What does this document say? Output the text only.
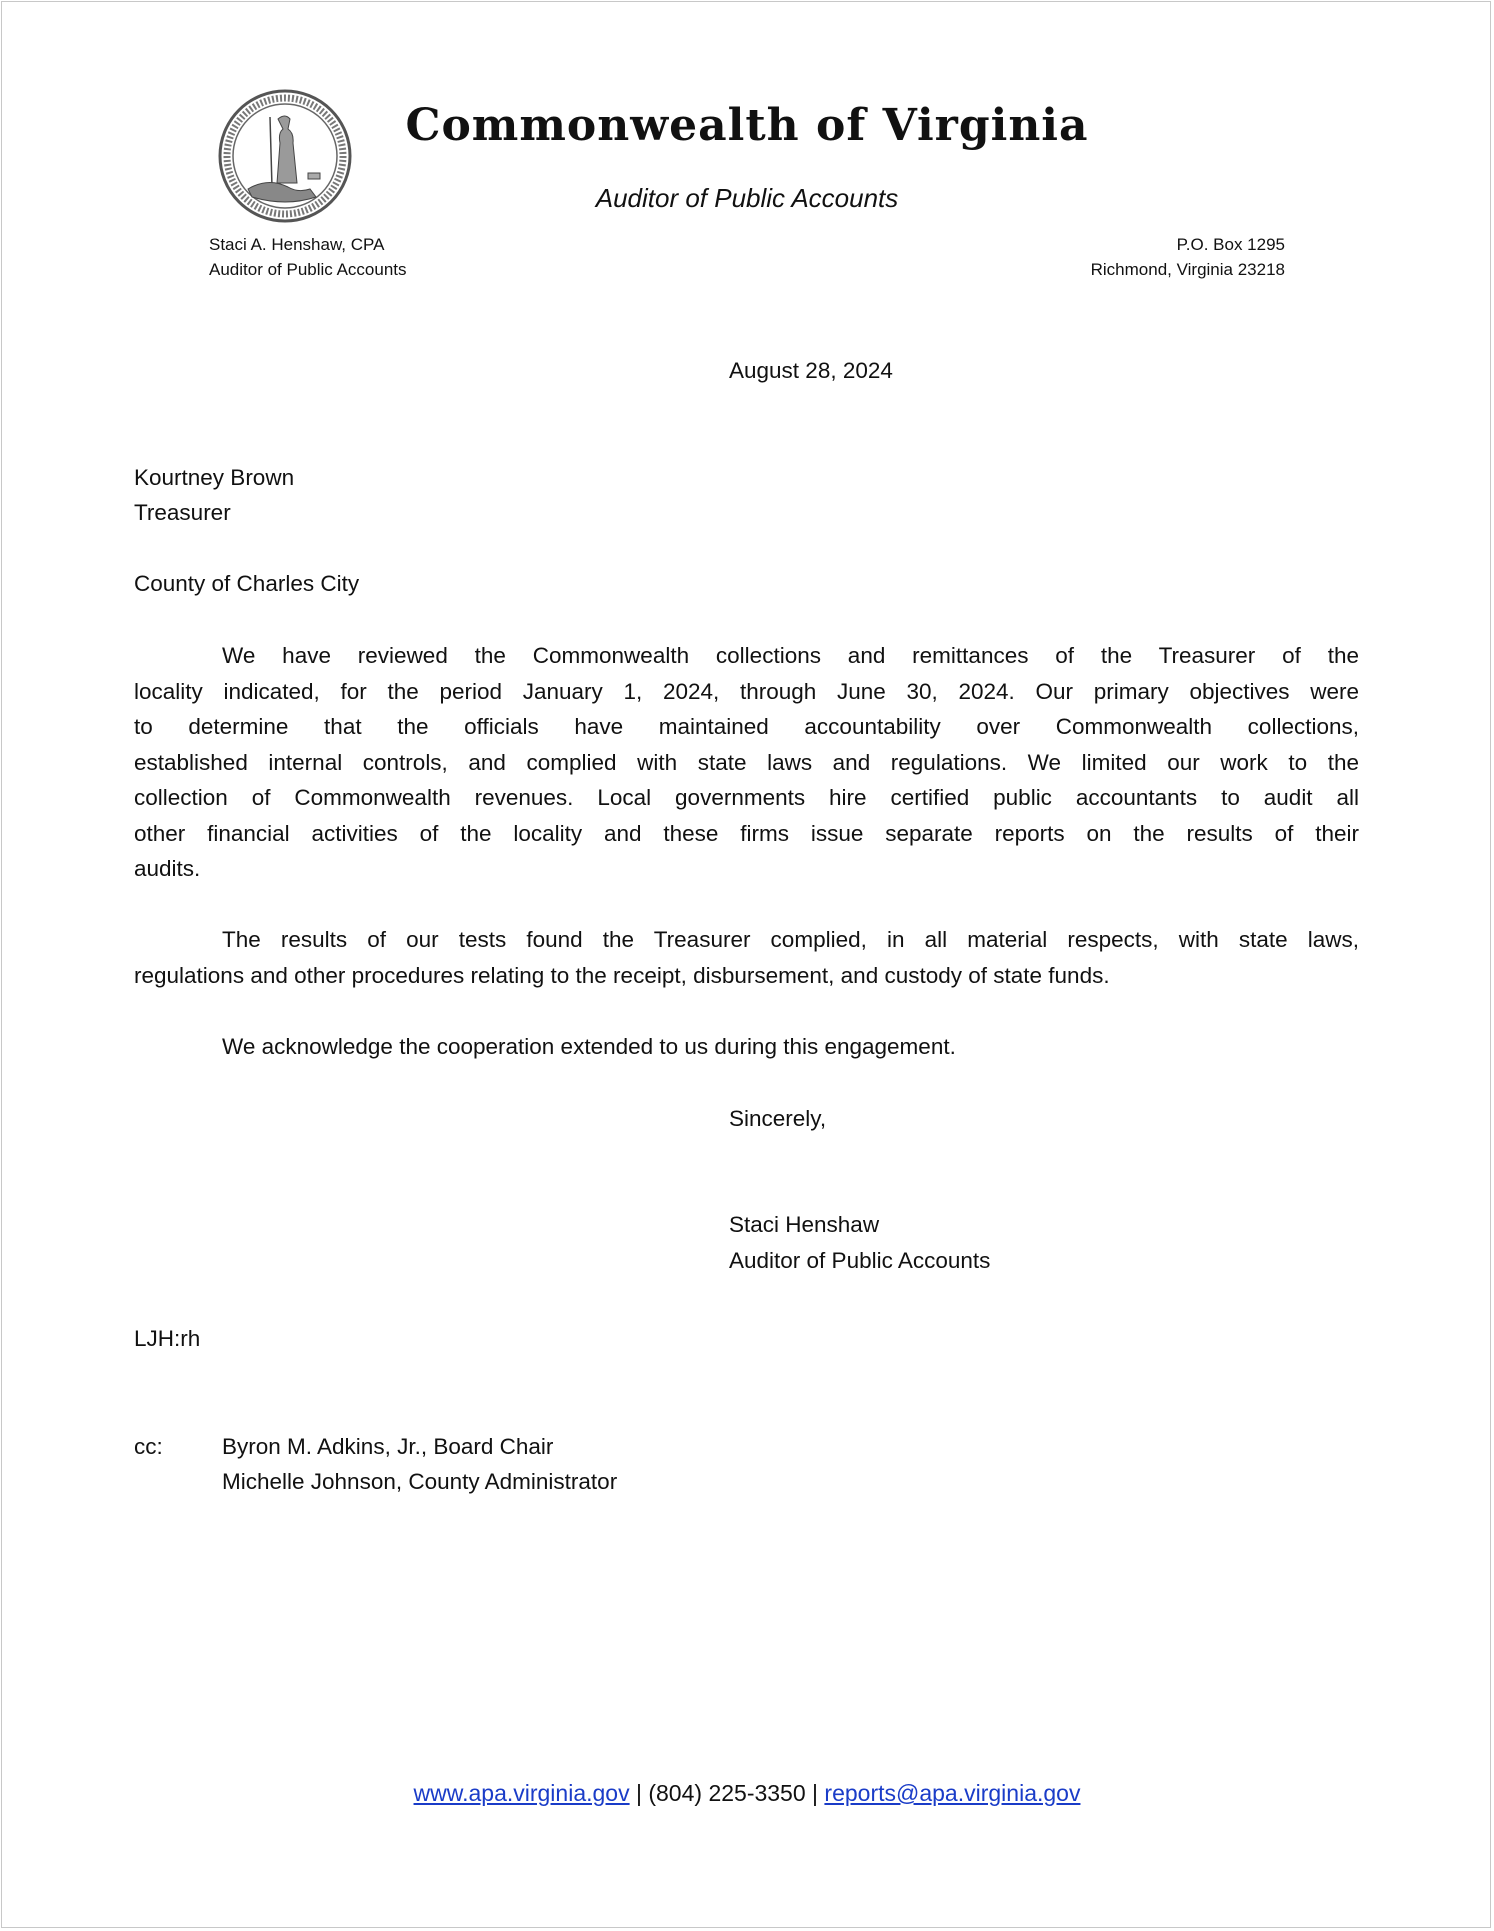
Commonwealth of Virginia
Auditor of Public Accounts
Staci A. Henshaw, CPA
Auditor of Public Accounts
P.O. Box 1295
Richmond, Virginia 23218
August 28, 2024
Kourtney Brown
Treasurer
County of Charles City
We have reviewed the Commonwealth collections and remittances of the Treasurer of the
locality indicated, for the period January 1, 2024, through June 30, 2024. Our primary objectives were
to determine that the officials have maintained accountability over Commonwealth collections,
established internal controls, and complied with state laws and regulations. We limited our work to the
collection of Commonwealth revenues. Local governments hire certified public accountants to audit all
other financial activities of the locality and these firms issue separate reports on the results of their
audits.
The results of our tests found the Treasurer complied, in all material respects, with state laws,
regulations and other procedures relating to the receipt, disbursement, and custody of state funds.
We acknowledge the cooperation extended to us during this engagement.
Sincerely,
Staci Henshaw
Auditor of Public Accounts
LJH:rh
cc:	Byron M. Adkins, Jr., Board Chair
Michelle Johnson, County Administrator
www.apa.virginia.gov | (804) 225-3350 | reports@apa.virginia.gov
